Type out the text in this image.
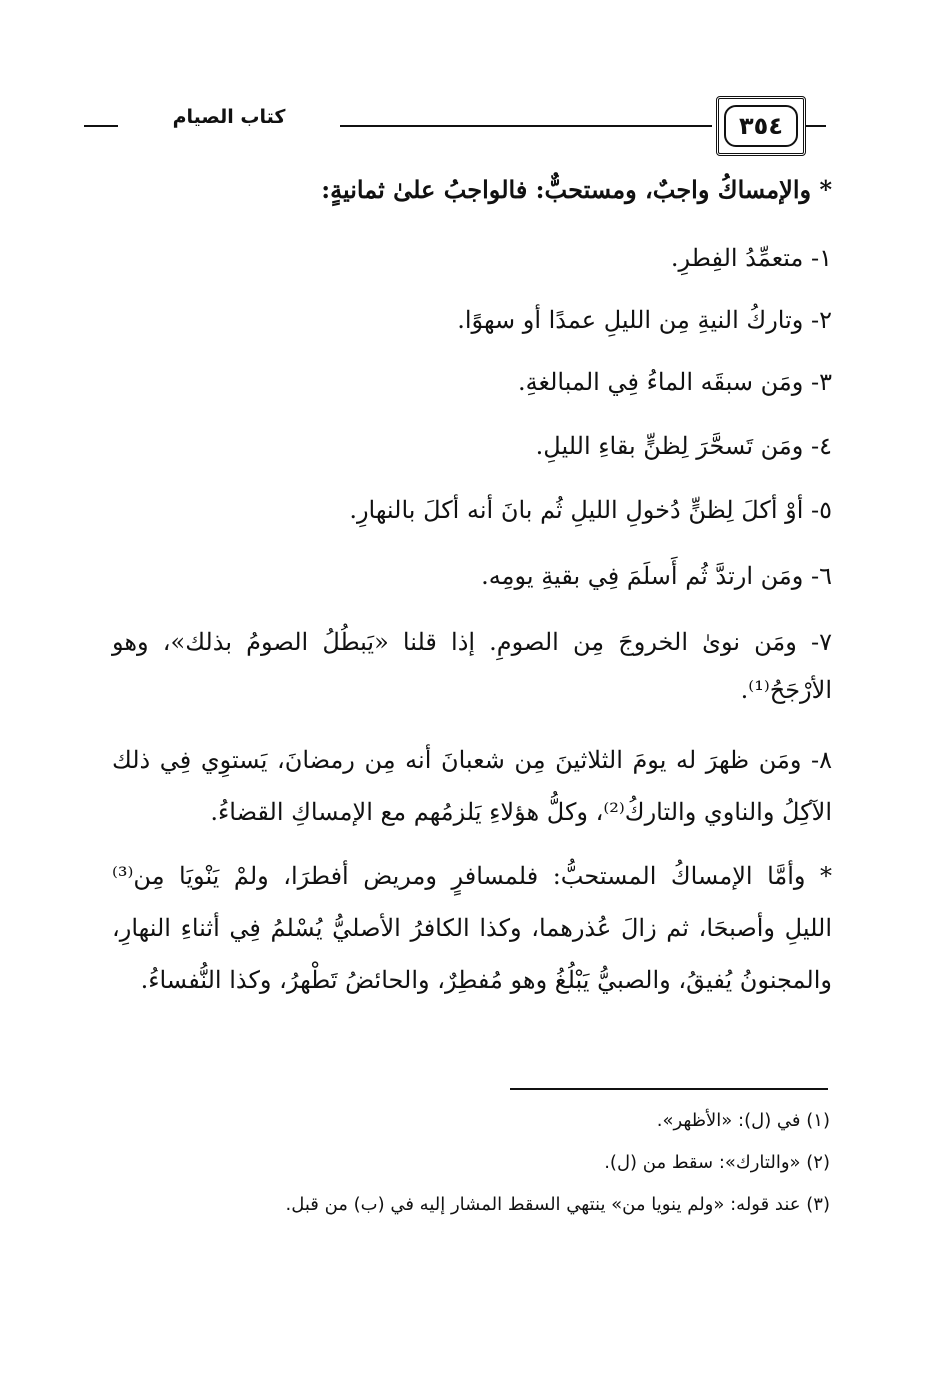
كتاب الصيام	٣٥٤
* والإمساكُ واجبٌ، ومستحبٌّ: فالواجبُ علىٰ ثمانيةٍ:
١- متعمِّدُ الفِطرِ.
٢- وتاركُ النيةِ مِن الليلِ عمدًا أو سهوًا.
٣- ومَن سبقَه الماءُ فِي المبالغةِ.
٤- ومَن تَسحَّرَ لِظنٍّ بقاءِ الليلِ.
٥- أوْ أكلَ لِظنٍّ دُخولِ الليلِ ثُم بانَ أنه أكلَ بالنهارِ.
٦- ومَن ارتدَّ ثُم أَسلَمَ فِي بقيةِ يومِه.
٧- ومَن نوىٰ الخروجَ مِن الصومِ. إذا قلنا «يَبطُلُ الصومُ بذلك»، وهو
الأرْجَحُ⁽¹⁾.
٨- ومَن ظهرَ له يومَ الثلاثينَ مِن شعبانَ أنه مِن رمضانَ، يَستوِي فِي ذلك
الآكِلُ والناوي والتاركُ⁽²⁾، وكلُّ هؤلاءِ يَلزمُهم مع الإمساكِ القضاءُ.
* وأمَّا الإمساكُ المستحبُّ: فلمسافرٍ ومريض أفطرَا، ولمْ يَنْويَا مِن⁽³⁾
الليلِ وأصبحَا، ثم زالَ عُذرهما، وكذا الكافرُ الأصليُّ يُسْلمُ فِي أثناءِ النهارِ،
والمجنونُ يُفيقُ، والصبيُّ يَبْلُغُ وهو مُفطِرٌ، والحائضُ تَطْهرُ، وكذا النُّفساءُ.
(١) في (ل): «الأظهر».
(٢) «والتارك»: سقط من (ل).
(٣) عند قوله: «ولم ينويا من» ينتهي السقط المشار إليه في (ب) من قبل.
